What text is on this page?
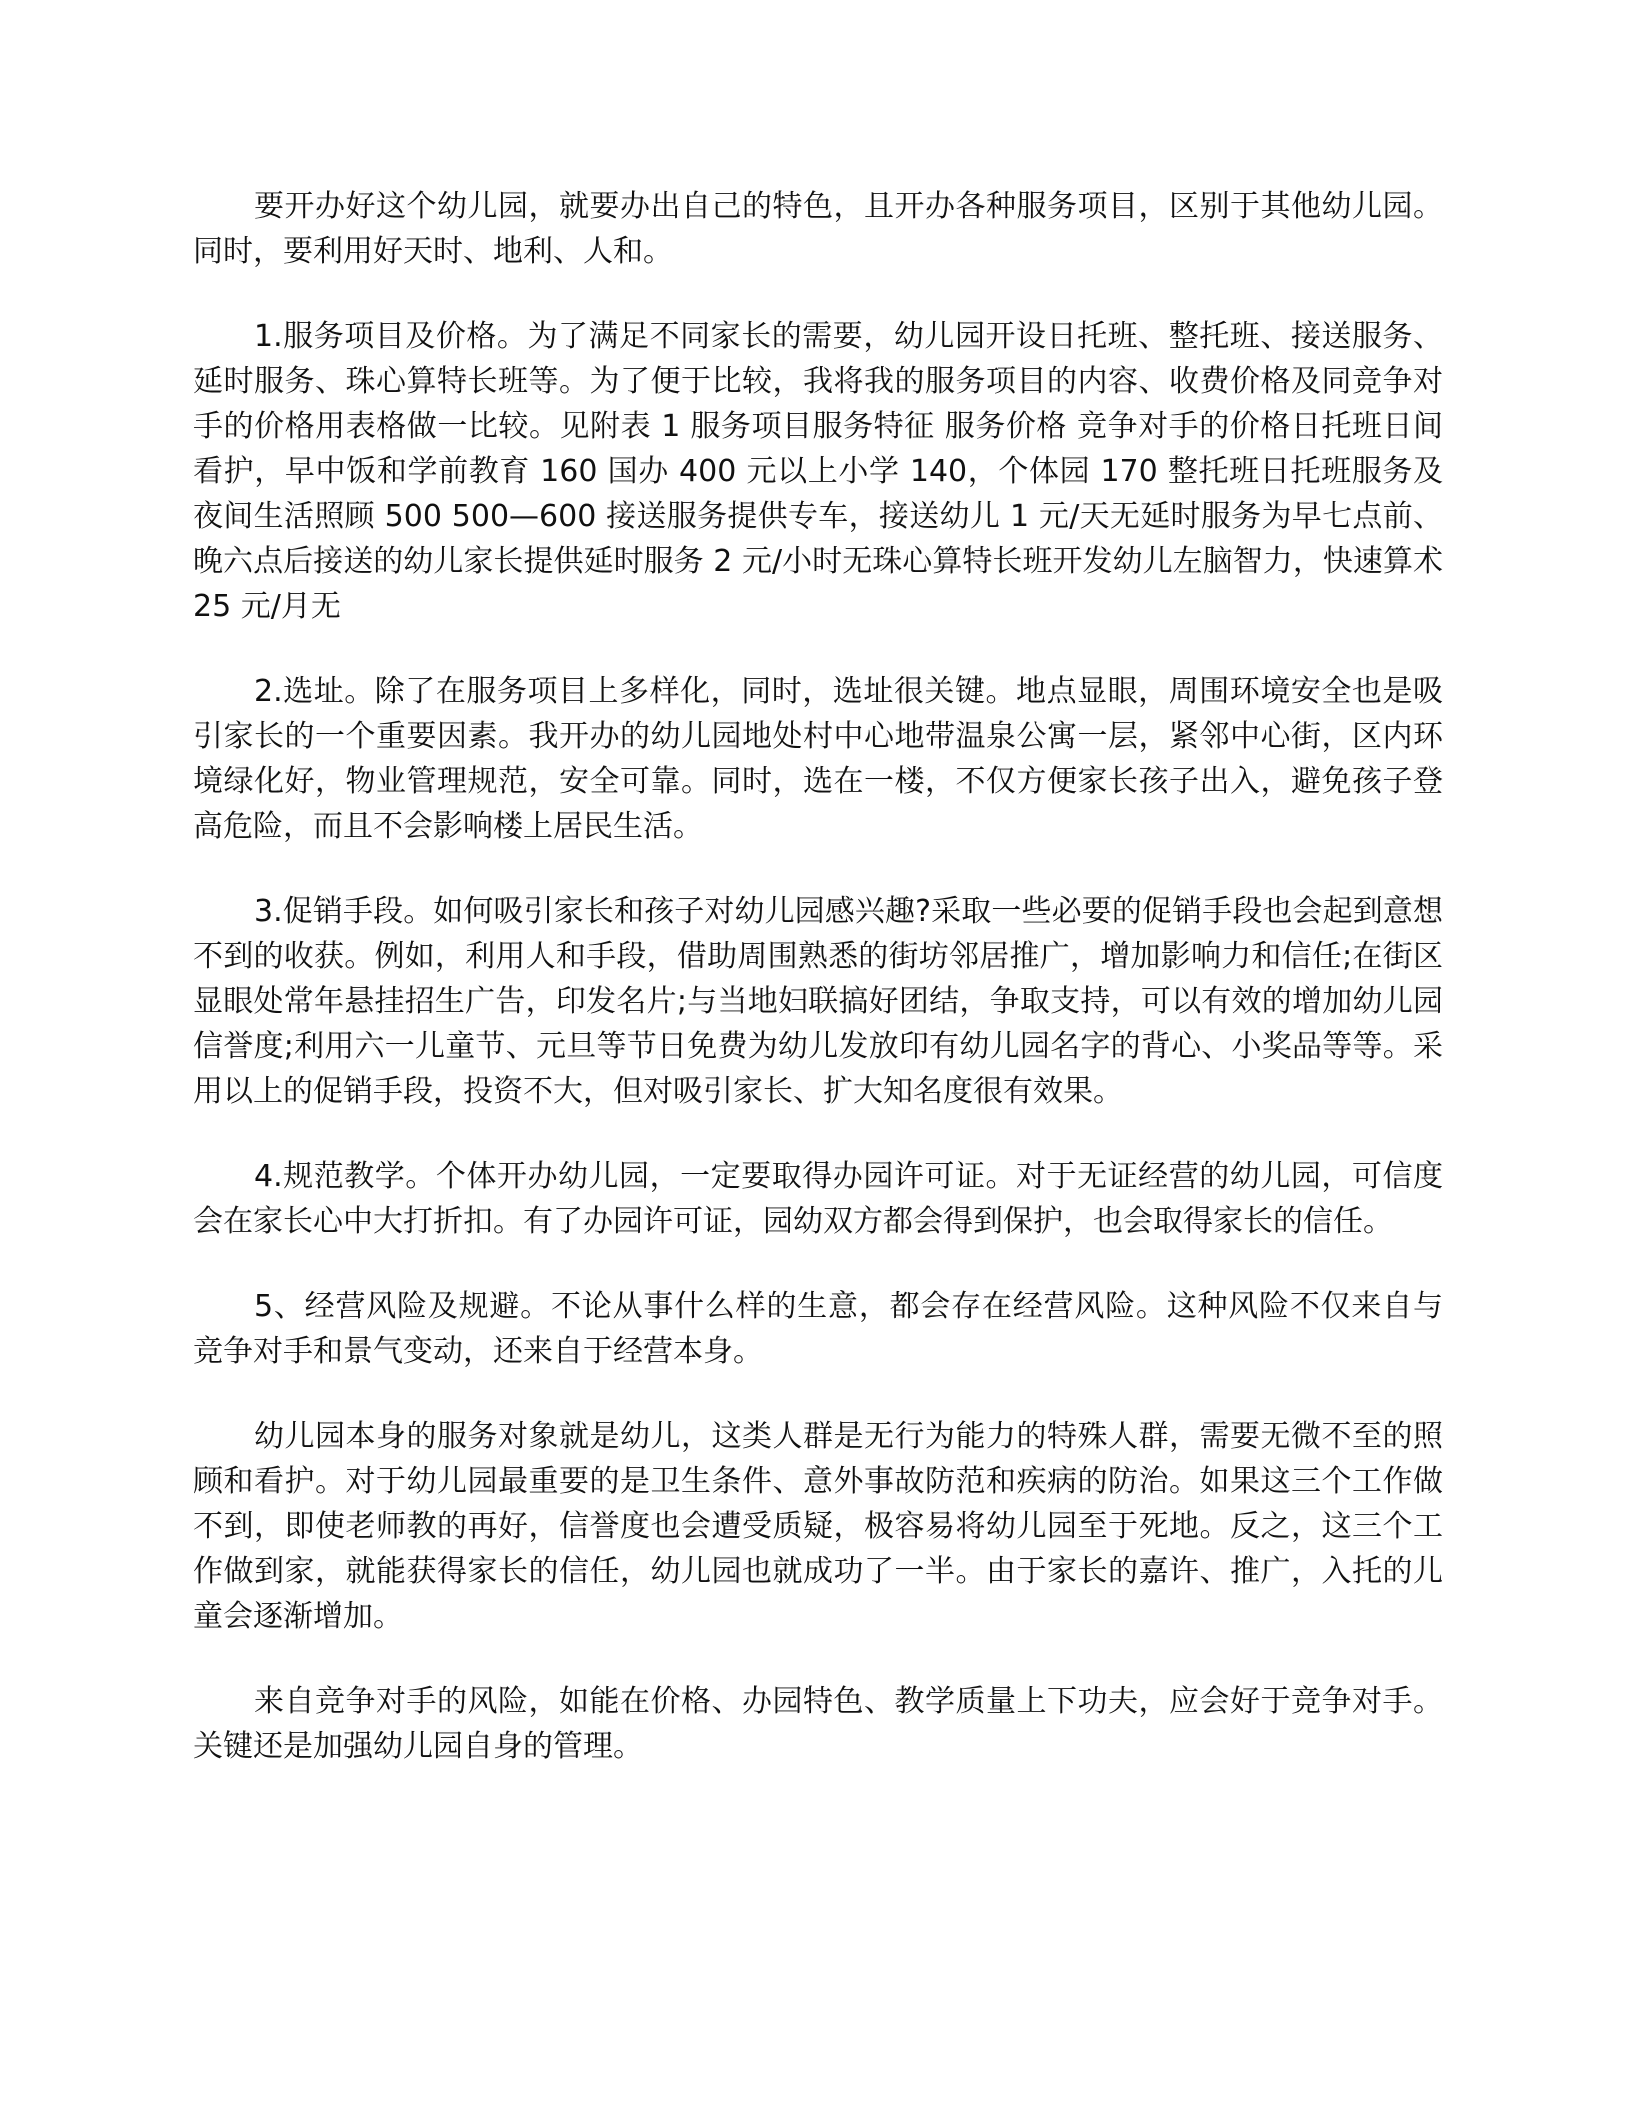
要开办好这个幼儿园，就要办出自己的特色，且开办各种服务项目，区别于其他幼儿园。同时，要利用好天时、地利、人和。

1.服务项目及价格。为了满足不同家长的需要，幼儿园开设日托班、整托班、接送服务、延时服务、珠心算特长班等。为了便于比较，我将我的服务项目的内容、收费价格及同竞争对手的价格用表格做一比较。见附表 1 服务项目服务特征 服务价格 竞争对手的价格日托班日间看护，早中饭和学前教育 160 国办 400 元以上小学 140，个体园 170 整托班日托班服务及夜间生活照顾 500 500—600 接送服务提供专车，接送幼儿 1 元/天无延时服务为早七点前、晚六点后接送的幼儿家长提供延时服务 2 元/小时无珠心算特长班开发幼儿左脑智力，快速算术 25 元/月无

2.选址。除了在服务项目上多样化，同时，选址很关键。地点显眼，周围环境安全也是吸引家长的一个重要因素。我开办的幼儿园地处村中心地带温泉公寓一层，紧邻中心街，区内环境绿化好，物业管理规范，安全可靠。同时，选在一楼，不仅方便家长孩子出入，避免孩子登高危险，而且不会影响楼上居民生活。

3.促销手段。如何吸引家长和孩子对幼儿园感兴趣?采取一些必要的促销手段也会起到意想不到的收获。例如，利用人和手段，借助周围熟悉的街坊邻居推广，增加影响力和信任;在街区显眼处常年悬挂招生广告，印发名片;与当地妇联搞好团结，争取支持，可以有效的增加幼儿园信誉度;利用六一儿童节、元旦等节日免费为幼儿发放印有幼儿园名字的背心、小奖品等等。采用以上的促销手段，投资不大，但对吸引家长、扩大知名度很有效果。

4.规范教学。个体开办幼儿园，一定要取得办园许可证。对于无证经营的幼儿园，可信度会在家长心中大打折扣。有了办园许可证，园幼双方都会得到保护，也会取得家长的信任。

5、经营风险及规避。不论从事什么样的生意，都会存在经营风险。这种风险不仅来自与竞争对手和景气变动，还来自于经营本身。

幼儿园本身的服务对象就是幼儿，这类人群是无行为能力的特殊人群，需要无微不至的照顾和看护。对于幼儿园最重要的是卫生条件、意外事故防范和疾病的防治。如果这三个工作做不到，即使老师教的再好，信誉度也会遭受质疑，极容易将幼儿园至于死地。反之，这三个工作做到家，就能获得家长的信任，幼儿园也就成功了一半。由于家长的嘉许、推广，入托的儿童会逐渐增加。

来自竞争对手的风险，如能在价格、办园特色、教学质量上下功夫，应会好于竞争对手。关键还是加强幼儿园自身的管理。
